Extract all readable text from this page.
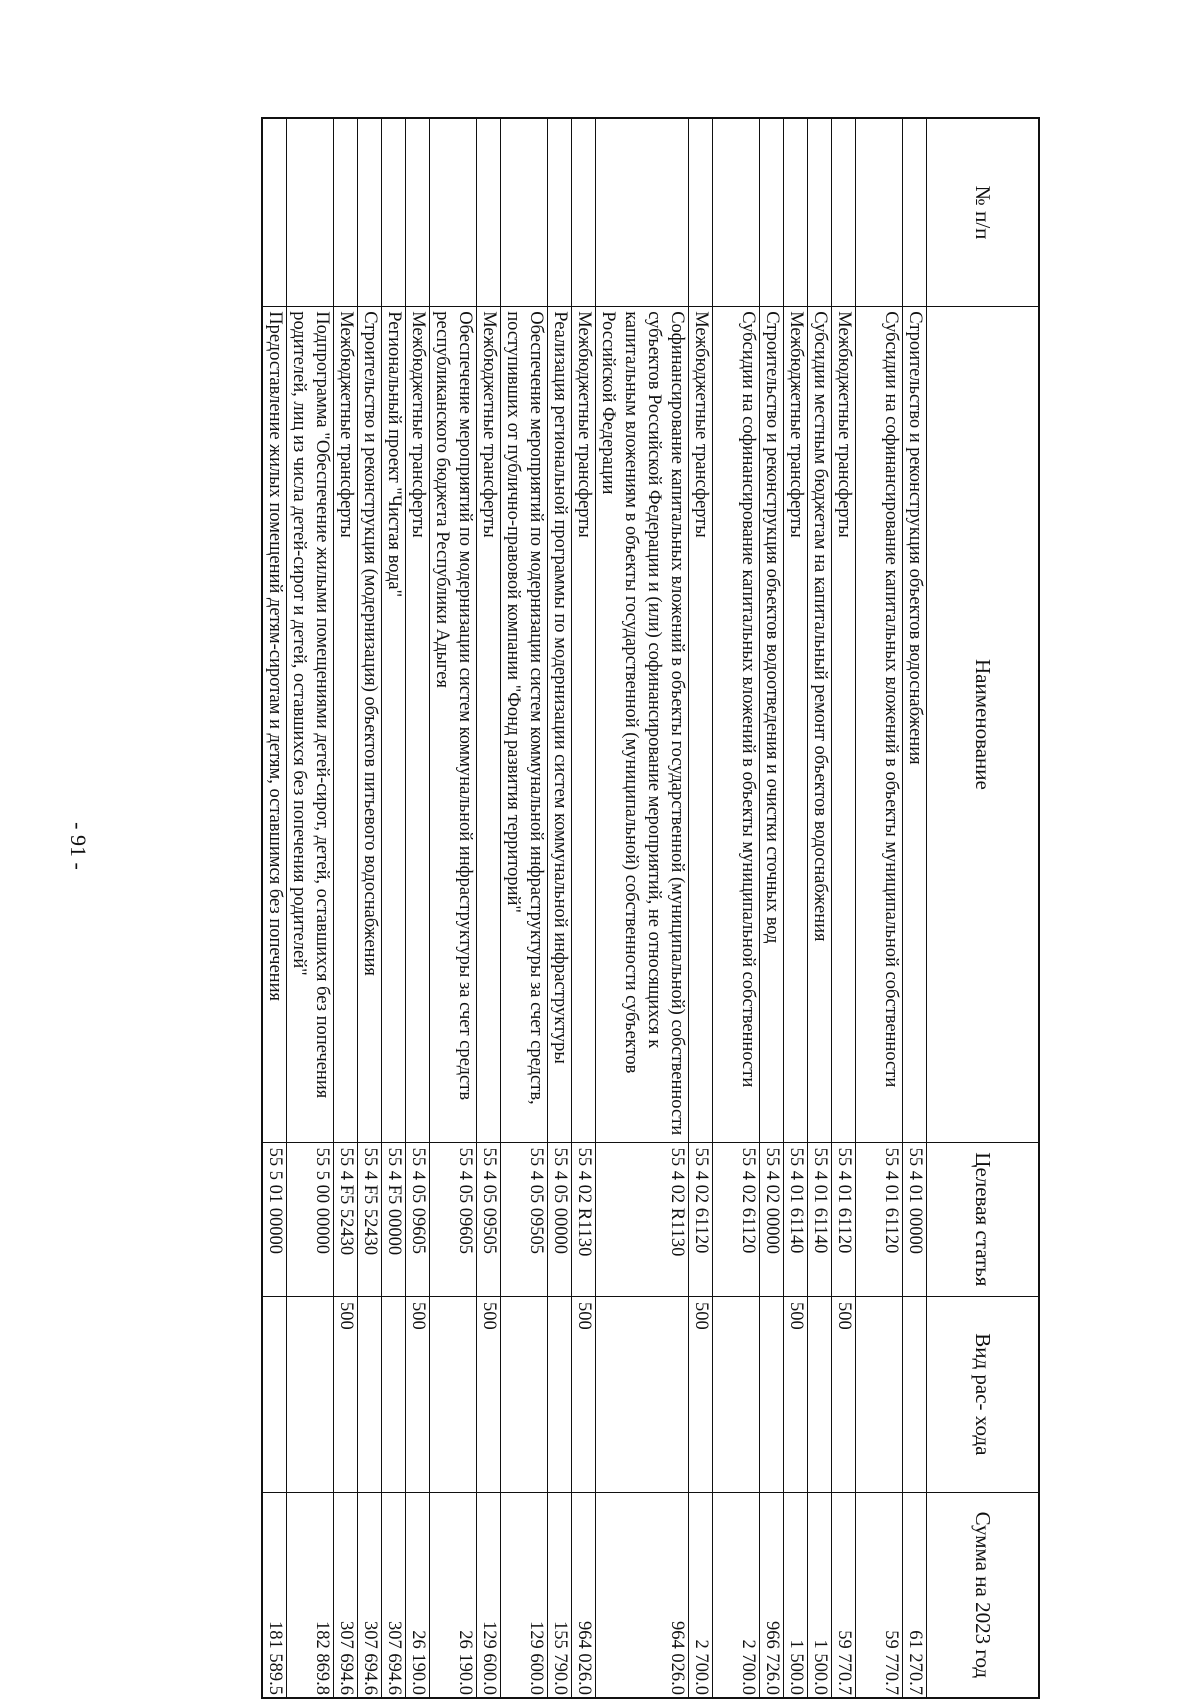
- 91 -
№ п/п	Наименование	Целевая статья	Вид рас- хода	Сумма на 2023 год
	Строительство и реконструкция объектов водоснабжения	55 4 01 00000		61 270.7
	Субсидии на софинансирование капитальных вложений в объекты муниципальной собственности	55 4 01 61120		59 770.7
	Межбюджетные трансферты	55 4 01 61120	500	59 770.7
	Субсидии местным бюджетам на капитальный ремонт объектов водоснабжения	55 4 01 61140		1 500.0
	Межбюджетные трансферты	55 4 01 61140	500	1 500.0
	Строительство и реконструкция объектов водоотведения и очистки сточных вод	55 4 02 00000		966 726.0
	Субсидии на софинансирование капитальных вложений в объекты муниципальной собственности	55 4 02 61120		2 700.0
	Межбюджетные трансферты	55 4 02 61120	500	2 700.0
	Софинансирование капитальных вложений в объекты государственной (муниципальной) собственности субъектов Российской Федерации и (или) софинансирование мероприятий, не относящихся к капитальным вложениям в объекты государственной (муниципальной) собственности субъектов Российской Федерации	55 4 02 R1130		964 026.0
	Межбюджетные трансферты	55 4 02 R1130	500	964 026.0
	Реализация региональной программы по модернизации систем коммунальной инфраструктуры	55 4 05 00000		155 790.0
	Обеспечение мероприятий по модернизации систем коммунальной инфраструктуры за счет средств, поступивших от публично-правовой компании "Фонд развития территорий"	55 4 05 09505		129 600.0
	Межбюджетные трансферты	55 4 05 09505	500	129 600.0
	Обеспечение мероприятий по модернизации систем коммунальной инфраструктуры за счет средств республиканского бюджета Республики Адыгея	55 4 05 09605		26 190.0
	Межбюджетные трансферты	55 4 05 09605	500	26 190.0
	Региональный проект "Чистая вода"	55 4 F5 00000		307 694.6
	Строительство и реконструкция (модернизация) объектов питьевого водоснабжения	55 4 F5 52430		307 694.6
	Межбюджетные трансферты	55 4 F5 52430	500	307 694.6
	Подпрограмма "Обеспечение жилыми помещениями детей-сирот, детей, оставшихся без попечения родителей, лиц из числа детей-сирот и детей, оставшихся без попечения родителей"	55 5 00 00000		182 869.8
	Предоставление жилых помещений детям-сиротам и детям, оставшимся без попечения	55 5 01 00000		181 589.5
